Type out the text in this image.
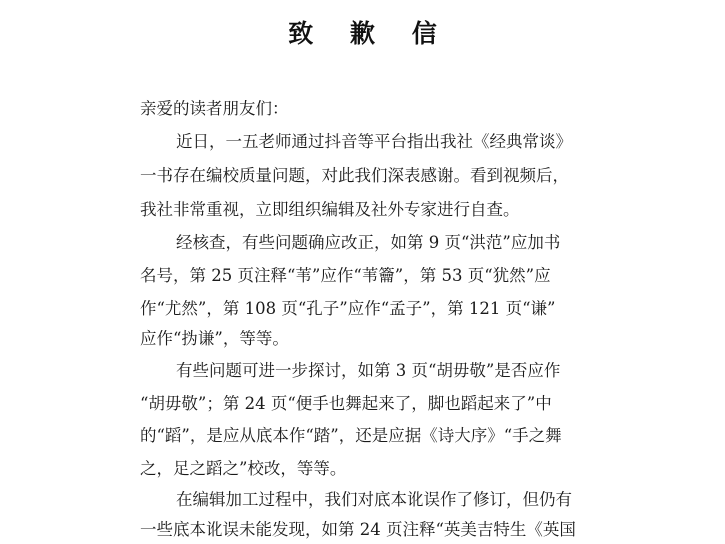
致 歉 信
亲爱的读者朋友们：
近日，一五老师通过抖音等平台指出我社《经典常谈》
一书存在编校质量问题，对此我们深表感谢。看到视频后，
我社非常重视，立即组织编辑及社外专家进行自查。
经核查，有些问题确应改正，如第 9 页“洪范”应加书
名号，第 25 页注释“苇”应作“苇籥”，第 53 页“犹然”应
作“尤然”，第 108 页“孔子”应作“孟子”，第 121 页“谦”
应作“㧑谦”，等等。
有些问题可进一步探讨，如第 3 页“胡毋敬”是否应作
“胡毋敬”；第 24 页“便手也舞起来了，脚也蹈起来了”中
的“蹈”，是应从底本作“踏”，还是应据《诗大序》“手之舞
之，足之蹈之”校改，等等。
在编辑加工过程中，我们对底本讹误作了修订，但仍有
一些底本讹误未能发现，如第 24 页注释“英美吉特生《英国
